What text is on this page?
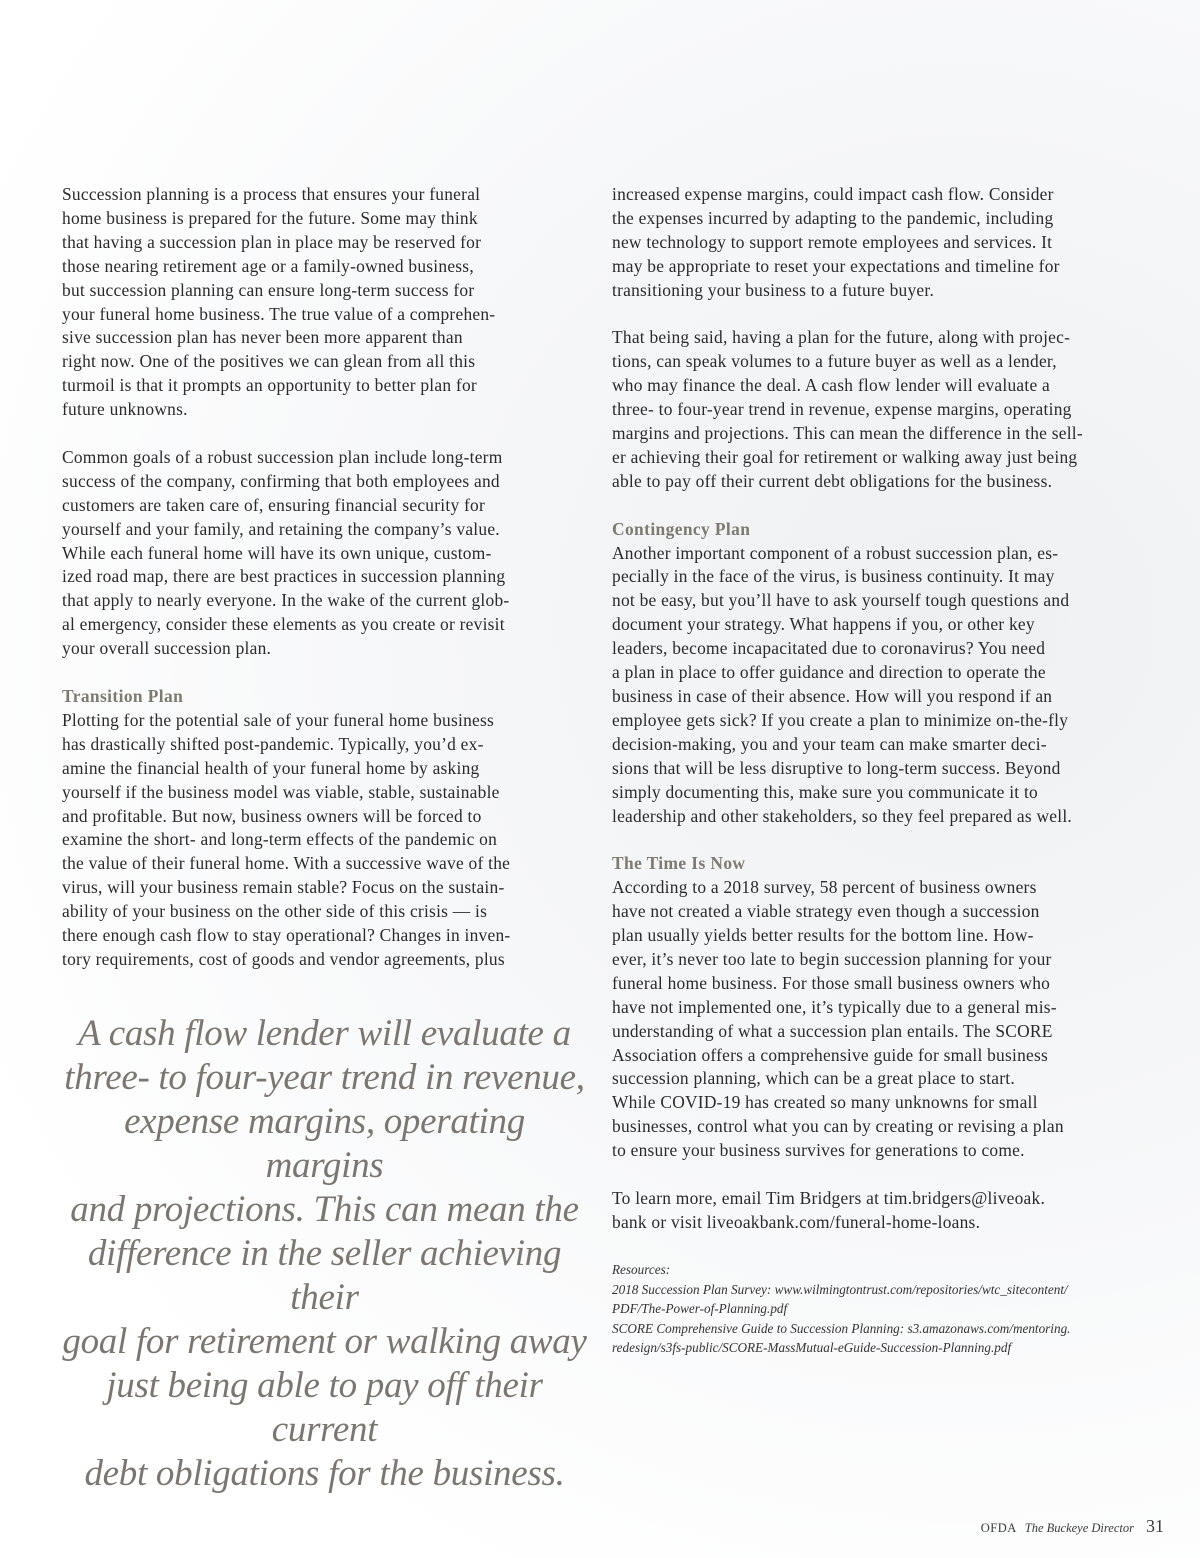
Succession planning is a process that ensures your funeral
home business is prepared for the future. Some may think
that having a succession plan in place may be reserved for
those nearing retirement age or a family-owned business,
but succession planning can ensure long-term success for
your funeral home business. The true value of a comprehen-
sive succession plan has never been more apparent than
right now. One of the positives we can glean from all this
turmoil is that it prompts an opportunity to better plan for
future unknowns.

Common goals of a robust succession plan include long-term
success of the company, confirming that both employees and
customers are taken care of, ensuring financial security for
yourself and your family, and retaining the company’s value.
While each funeral home will have its own unique, custom-
ized road map, there are best practices in succession planning
that apply to nearly everyone. In the wake of the current glob-
al emergency, consider these elements as you create or revisit
your overall succession plan.

Transition Plan

Plotting for the potential sale of your funeral home business
has drastically shifted post-pandemic. Typically, you’d ex-
amine the financial health of your funeral home by asking
yourself if the business model was viable, stable, sustainable
and profitable. But now, business owners will be forced to
examine the short- and long-term effects of the pandemic on
the value of their funeral home. With a successive wave of the
virus, will your business remain stable? Focus on the sustain-
ability of your business on the other side of this crisis — is
there enough cash flow to stay operational? Changes in inven-
tory requirements, cost of goods and vendor agreements, plus

A cash flow lender will evaluate a
three- to four-year trend in revenue,
expense margins, operating margins
and projections. This can mean the
difference in the seller achieving their
goal for retirement or walking away
just being able to pay off their current
debt obligations for the business.

increased expense margins, could impact cash flow. Consider
the expenses incurred by adapting to the pandemic, including
new technology to support remote employees and services. It
may be appropriate to reset your expectations and timeline for
transitioning your business to a future buyer.

That being said, having a plan for the future, along with projec-
tions, can speak volumes to a future buyer as well as a lender,
who may finance the deal. A cash flow lender will evaluate a
three- to four-year trend in revenue, expense margins, operating
margins and projections. This can mean the difference in the sell-
er achieving their goal for retirement or walking away just being
able to pay off their current debt obligations for the business.

Contingency Plan

Another important component of a robust succession plan, es-
pecially in the face of the virus, is business continuity. It may
not be easy, but you’ll have to ask yourself tough questions and
document your strategy. What happens if you, or other key
leaders, become incapacitated due to coronavirus? You need
a plan in place to offer guidance and direction to operate the
business in case of their absence. How will you respond if an
employee gets sick? If you create a plan to minimize on-the-fly
decision-making, you and your team can make smarter deci-
sions that will be less disruptive to long-term success. Beyond
simply documenting this, make sure you communicate it to
leadership and other stakeholders, so they feel prepared as well.

The Time Is Now

According to a 2018 survey, 58 percent of business owners
have not created a viable strategy even though a succession
plan usually yields better results for the bottom line. How-
ever, it’s never too late to begin succession planning for your
funeral home business. For those small business owners who
have not implemented one, it’s typically due to a general mis-
understanding of what a succession plan entails. The SCORE
Association offers a comprehensive guide for small business
succession planning, which can be a great place to start.
While COVID-19 has created so many unknowns for small
businesses, control what you can by creating or revising a plan
to ensure your business survives for generations to come.

To learn more, email Tim Bridgers at tim.bridgers@liveoak.
bank or visit liveoakbank.com/funeral-home-loans.

Resources:
2018 Succession Plan Survey: www.wilmingtontrust.com/repositories/wtc_sitecontent/
PDF/The-Power-of-Planning.pdf
SCORE Comprehensive Guide to Succession Planning: s3.amazonaws.com/mentoring.
redesign/s3fs-public/SCORE-MassMutual-eGuide-Succession-Planning.pdf
OFDA The Buckeye Director 31
